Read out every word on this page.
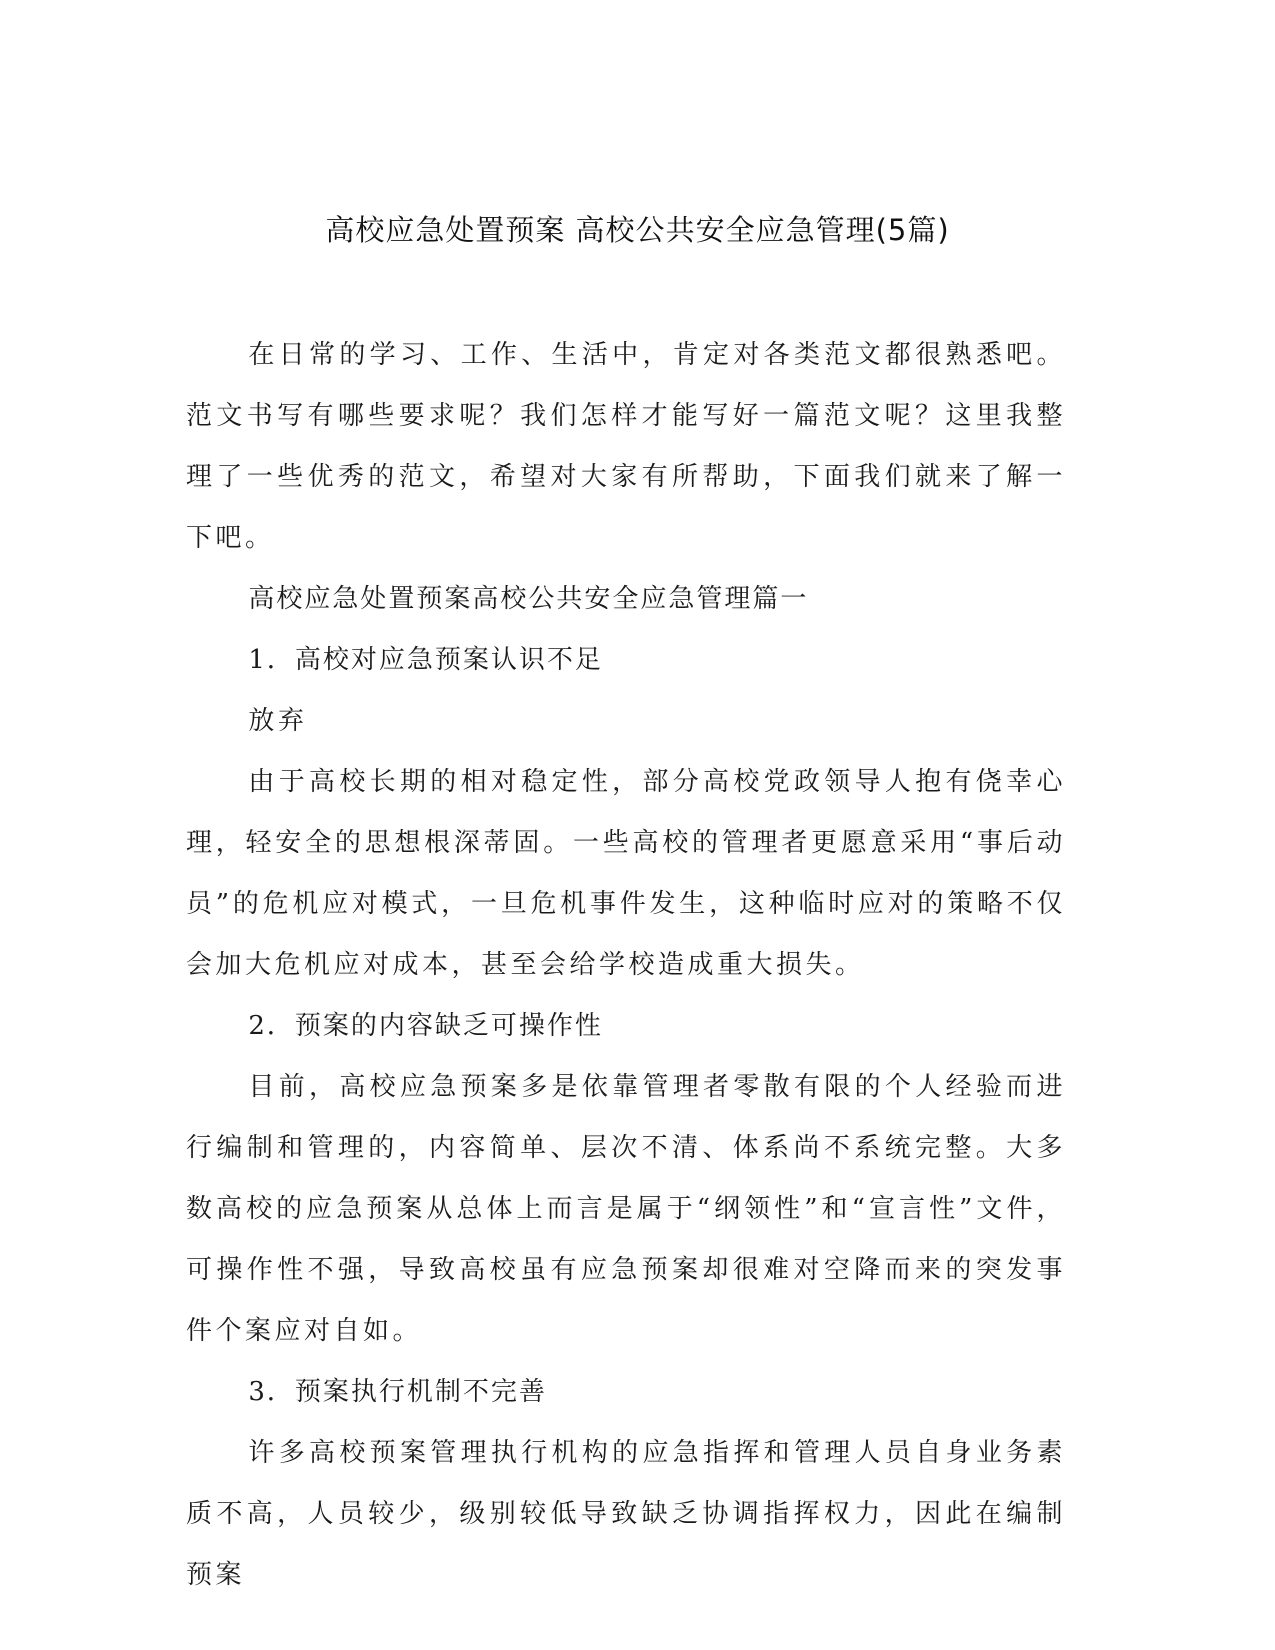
高校应急处置预案 高校公共安全应急管理(5篇)

在日常的学习、工作、生活中，肯定对各类范文都很熟悉吧。范文书写有哪些要求呢？我们怎样才能写好一篇范文呢？这里我整理了一些优秀的范文，希望对大家有所帮助，下面我们就来了解一下吧。

高校应急处置预案高校公共安全应急管理篇一

1．高校对应急预案认识不足

放弃

由于高校长期的相对稳定性，部分高校党政领导人抱有侥幸心理，轻安全的思想根深蒂固。一些高校的管理者更愿意采用“事后动员”的危机应对模式，一旦危机事件发生，这种临时应对的策略不仅会加大危机应对成本，甚至会给学校造成重大损失。

2．预案的内容缺乏可操作性

目前，高校应急预案多是依靠管理者零散有限的个人经验而进行编制和管理的，内容简单、层次不清、体系尚不系统完整。大多数高校的应急预案从总体上而言是属于“纲领性”和“宣言性”文件，可操作性不强，导致高校虽有应急预案却很难对空降而来的突发事件个案应对自如。

3．预案执行机制不完善

许多高校预案管理执行机构的应急指挥和管理人员自身业务素质不高，人员较少，级别较低导致缺乏协调指挥权力，因此在编制预案
